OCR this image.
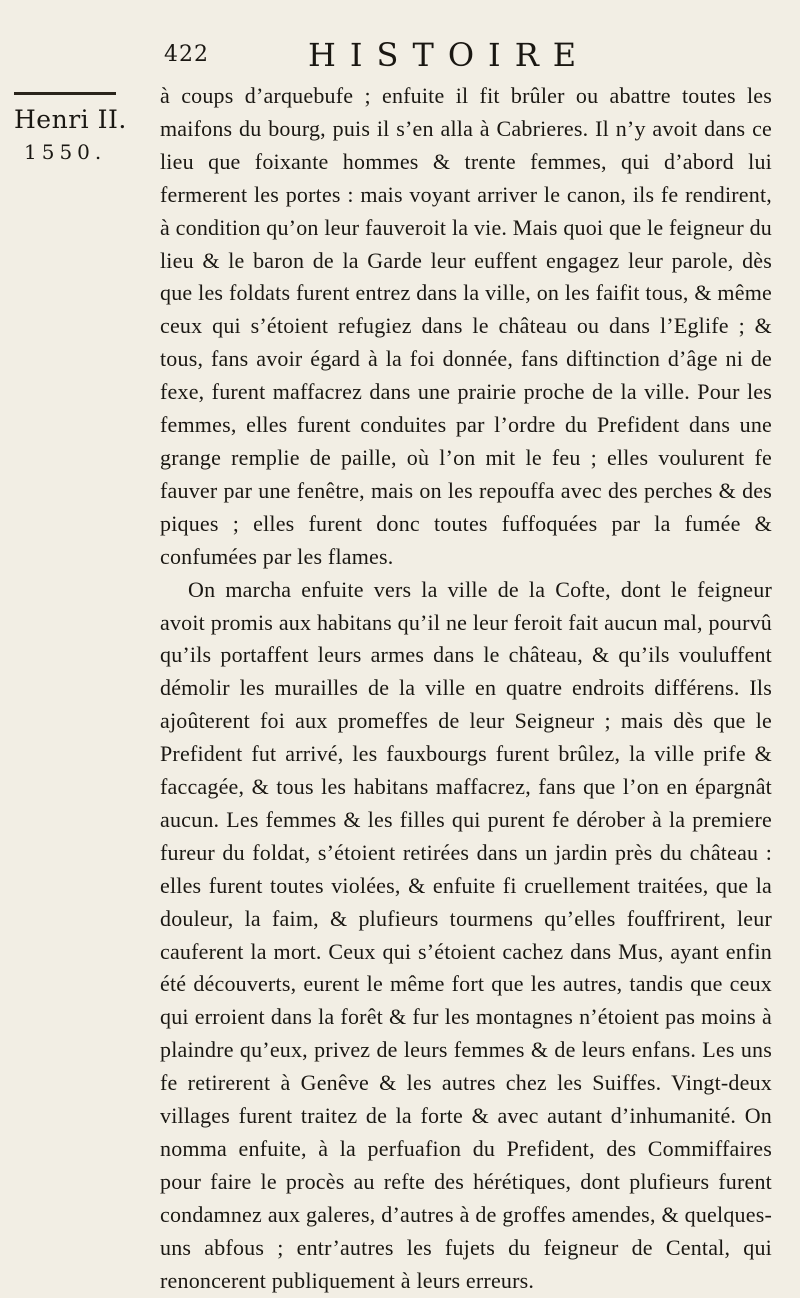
422	HISTOIRE
Henri II.
1550.

à coups d’arquebufe ; enfuite il fit brûler ou abattre toutes les maifons du bourg, puis il s’en alla à Cabrieres. Il n’y avoit dans ce lieu que foixante hommes & trente femmes, qui d’abord lui fermerent les portes : mais voyant arriver le canon, ils fe rendirent, à condition qu’on leur fauveroit la vie. Mais quoi que le feigneur du lieu & le baron de la Garde leur euffent engagez leur parole, dès que les foldats furent entrez dans la ville, on les faifit tous, & même ceux qui s’étoient refugiez dans le château ou dans l’Eglife ; & tous, fans avoir égard à la foi donnée, fans diftinction d’âge ni de fexe, furent maffacrez dans une prairie proche de la ville. Pour les femmes, elles furent conduites par l’ordre du Prefident dans une grange remplie de paille, où l’on mit le feu ; elles voulurent fe fauver par une fenêtre, mais on les repouffa avec des perches & des piques ; elles furent donc toutes fuffoquées par la fumée & confumées par les flames.

On marcha enfuite vers la ville de la Cofte, dont le feigneur avoit promis aux habitans qu’il ne leur feroit fait aucun mal, pourvû qu’ils portaffent leurs armes dans le château, & qu’ils vouluffent démolir les murailles de la ville en quatre endroits différens. Ils ajoûterent foi aux promeffes de leur Seigneur ; mais dès que le Prefident fut arrivé, les fauxbourgs furent brûlez, la ville prife & faccagée, & tous les habitans maffacrez, fans que l’on en épargnât aucun. Les femmes & les filles qui purent fe dérober à la premiere fureur du foldat, s’étoient retirées dans un jardin près du château : elles furent toutes violées, & enfuite fi cruellement traitées, que la douleur, la faim, & plufieurs tourmens qu’elles fouffrirent, leur cauferent la mort. Ceux qui s’étoient cachez dans Mus, ayant enfin été découverts, eurent le même fort que les autres, tandis que ceux qui erroient dans la forêt & fur les montagnes n’étoient pas moins à plaindre qu’eux, privez de leurs femmes & de leurs enfans. Les uns fe retirerent à Genêve & les autres chez les Suiffes. Vingt-deux villages furent traitez de la forte & avec autant d’inhumanité. On nomma enfuite, à la perfuafion du Prefident, des Commiffaires pour faire le procès au refte des hérétiques, dont plufieurs furent condamnez aux galeres, d’autres à de groffes amendes, & quelques-uns abfous ; entr’autres les fujets du feigneur de Cental, qui renoncerent publiquement à leurs erreurs.
